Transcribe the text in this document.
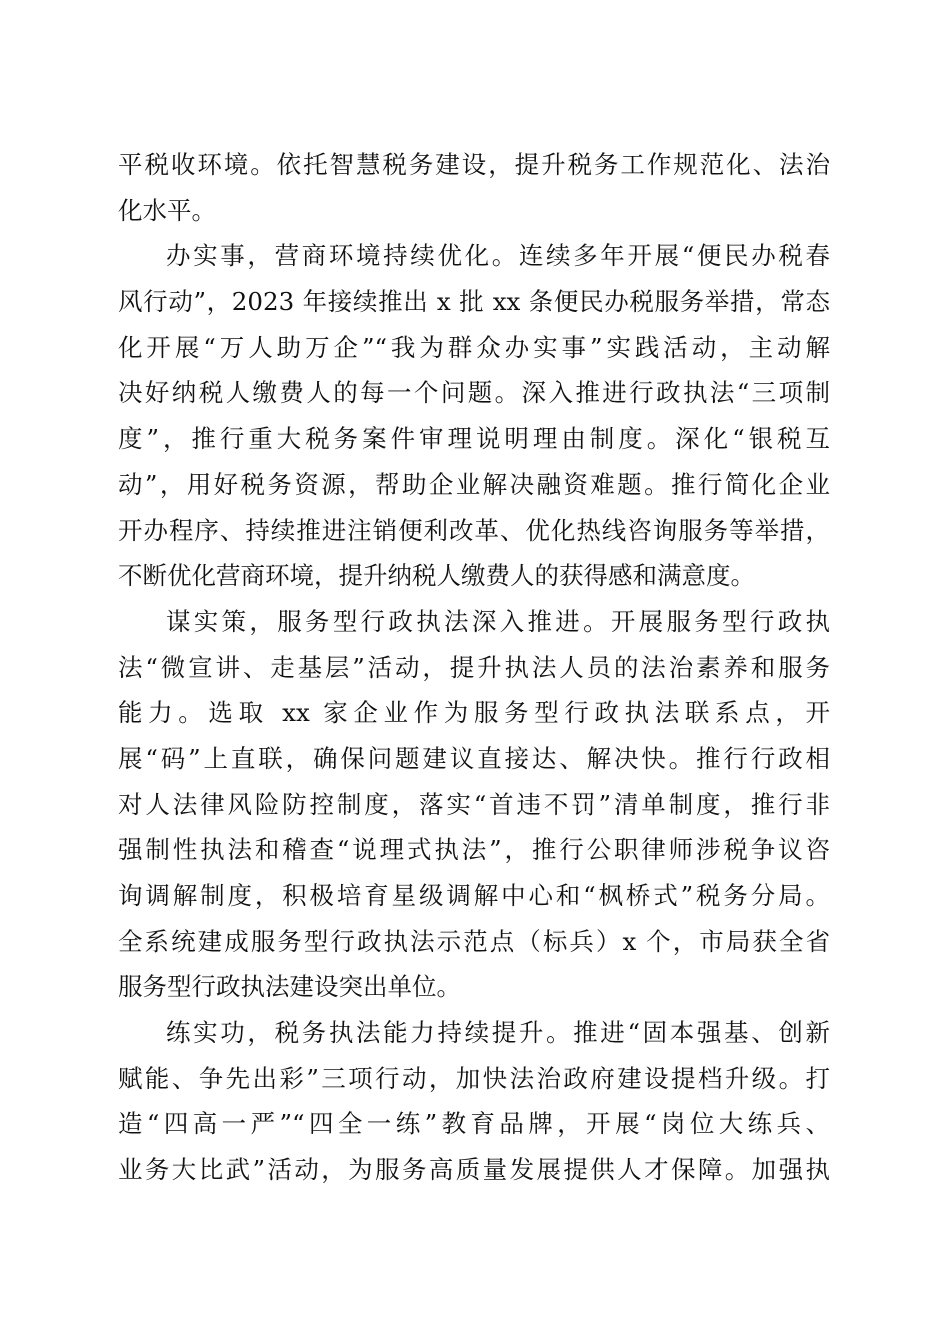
平税收环境。依托智慧税务建设，提升税务工作规范化、法治
化水平。

办实事，营商环境持续优化。连续多年开展“便民办税春
风行动”，2023 年接续推出 x 批 xx 条便民办税服务举措，常态
化开展“万人助万企”“我为群众办实事”实践活动，主动解
决好纳税人缴费人的每一个问题。深入推进行政执法“三项制
度”，推行重大税务案件审理说明理由制度。深化“银税互
动”，用好税务资源，帮助企业解决融资难题。推行简化企业
开办程序、持续推进注销便利改革、优化热线咨询服务等举措，
不断优化营商环境，提升纳税人缴费人的获得感和满意度。

谋实策，服务型行政执法深入推进。开展服务型行政执
法“微宣讲、走基层”活动，提升执法人员的法治素养和服务
能力。选取 xx 家企业作为服务型行政执法联系点，开
展“码”上直联，确保问题建议直接达、解决快。推行行政相
对人法律风险防控制度，落实“首违不罚”清单制度，推行非
强制性执法和稽查“说理式执法”，推行公职律师涉税争议咨
询调解制度，积极培育星级调解中心和“枫桥式”税务分局。
全系统建成服务型行政执法示范点（标兵）x 个，市局获全省
服务型行政执法建设突出单位。

练实功，税务执法能力持续提升。推进“固本强基、创新
赋能、争先出彩”三项行动，加快法治政府建设提档升级。打
造“四高一严”“四全一练”教育品牌，开展“岗位大练兵、
业务大比武”活动，为服务高质量发展提供人才保障。加强执
